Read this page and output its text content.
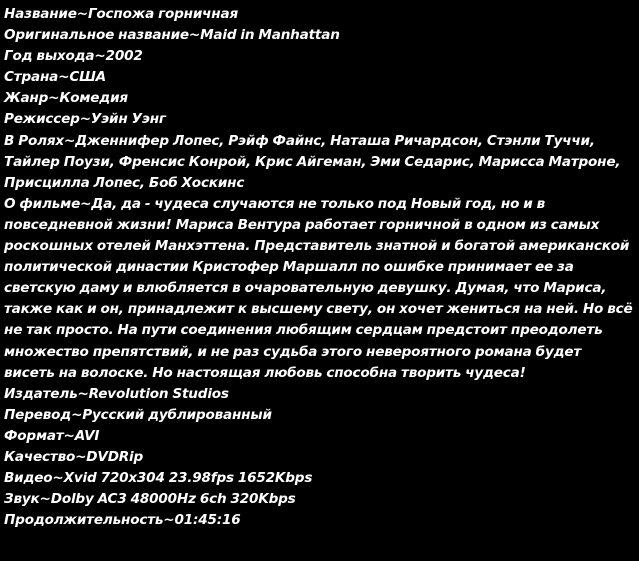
Название~Госпожа горничная
Оригинальное название~Maid in Manhattan
Год выхода~2002
Страна~США
Жанр~Комедия
Режиссер~Уэйн Уэнг
В Ролях~Дженнифер Лопес, Рэйф Файнс, Наташа Ричардсон, Стэнли Туччи, Тайлер Поузи, Френсис Конрой, Крис Айгеман, Эми Седарис, Марисса Матроне, Присцилла Лопес, Боб Хоскинс
О фильме~Да, да - чудеса случаются не только под Новый год, но и в повседневной жизни! Мариса Вентура работает горничной в одном из самых роскошных отелей Манхэттена. Представитель знатной и богатой американской политической династии Кристофер Маршалл по ошибке принимает ее за светскую даму и влюбляется в очаровательную девушку. Думая, что Мариса, также как и он, принадлежит к высшему свету, он хочет жениться на ней. Но всё не так просто. На пути соединения любящим сердцам предстоит преодолеть множество препятствий, и не раз судьба этого невероятного романа будет висеть на волоске. Но настоящая любовь способна творить чудеса!
Издатель~Revolution Studios
Перевод~Русский дублированный
Формат~AVI
Качество~DVDRip
Видео~Xvid 720x304 23.98fps 1652Kbps
Звук~Dolby AC3 48000Hz 6ch 320Kbps
Продолжительность~01:45:16
